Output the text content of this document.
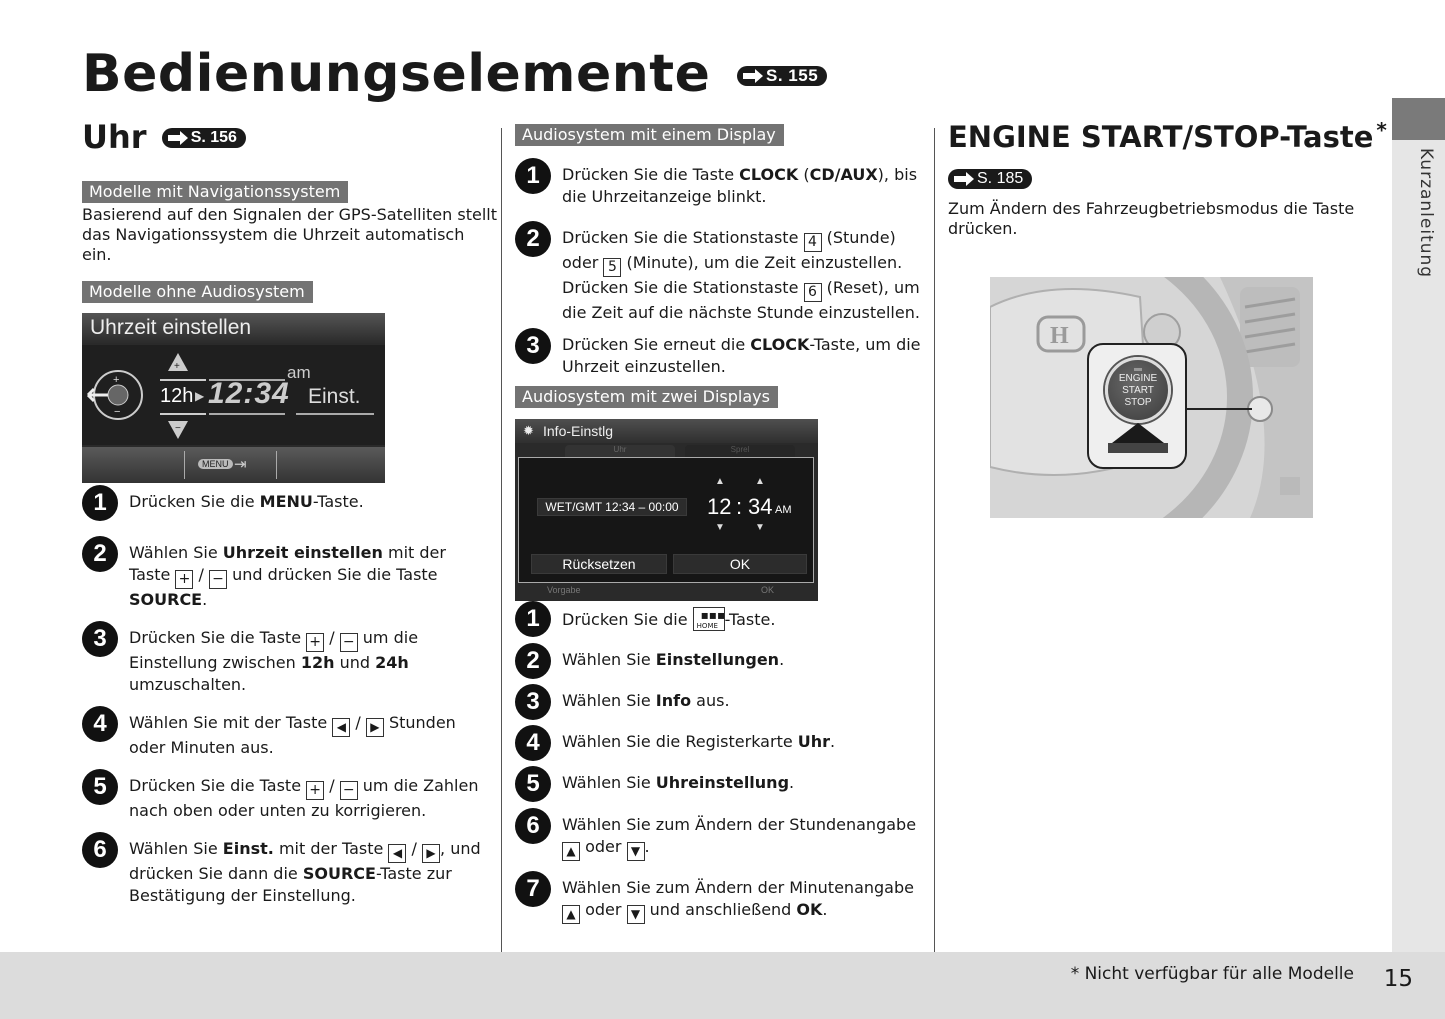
Bedienungselemente	S. 155
Uhr	S. 156
Modelle mit Navigationssystem
Basierend auf den Signalen der GPS-Satelliten stellt das Navigationssystem die Uhrzeit automatisch ein.
Modelle ohne Audiosystem
Uhrzeit einstellen
+
−
+
−
12h ▶ 12:34
am
Einst.
MENU ⇥
1	Drücken Sie die MENU-Taste.
2	Wählen Sie Uhrzeit einstellen mit der Taste + / − und drücken Sie die Taste SOURCE.
3	Drücken Sie die Taste + / − um die Einstellung zwischen 12h und 24h umzuschalten.
4	Wählen Sie mit der Taste ◀ / ▶ Stunden oder Minuten aus.
5	Drücken Sie die Taste + / − um die Zahlen nach oben oder unten zu korrigieren.
6	Wählen Sie Einst. mit der Taste ◀ / ▶ , und drücken Sie dann die SOURCE-Taste zur Bestätigung der Einstellung.
Audiosystem mit einem Display
1	Drücken Sie die Taste CLOCK (CD/AUX), bis die Uhrzeitanzeige blinkt.
2	Drücken Sie die Stationstaste 4 (Stunde) oder 5 (Minute), um die Zeit einzustellen. Drücken Sie die Stationstaste 6 (Reset), um die Zeit auf die nächste Stunde einzustellen.
3	Drücken Sie erneut die CLOCK-Taste, um die Uhrzeit einzustellen.
Audiosystem mit zwei Displays
✹ Info-Einstlg
Uhr	Sprel
WET/GMT 12:34 – 00:00
▲	▲
12 : 34 AM
▼	▼
Rücksetzen	OK
Vorgabe	OK
1	Drücken Sie die ▪▪▪
HOME -Taste.
2	Wählen Sie Einstellungen.
3	Wählen Sie Info aus.
4	Wählen Sie die Registerkarte Uhr.
5	Wählen Sie Uhreinstellung.
6	Wählen Sie zum Ändern der Stundenangabe ▲ oder ▼ .
7	Wählen Sie zum Ändern der Minutenangabe ▲ oder ▼ und anschließend OK.
ENGINE START/STOP-Taste *
S. 185
Zum Ändern des Fahrzeugbetriebsmodus die Taste drücken.
H
ENGINE
START
STOP
Kurzanleitung
* Nicht verfügbar für alle Modelle 15
